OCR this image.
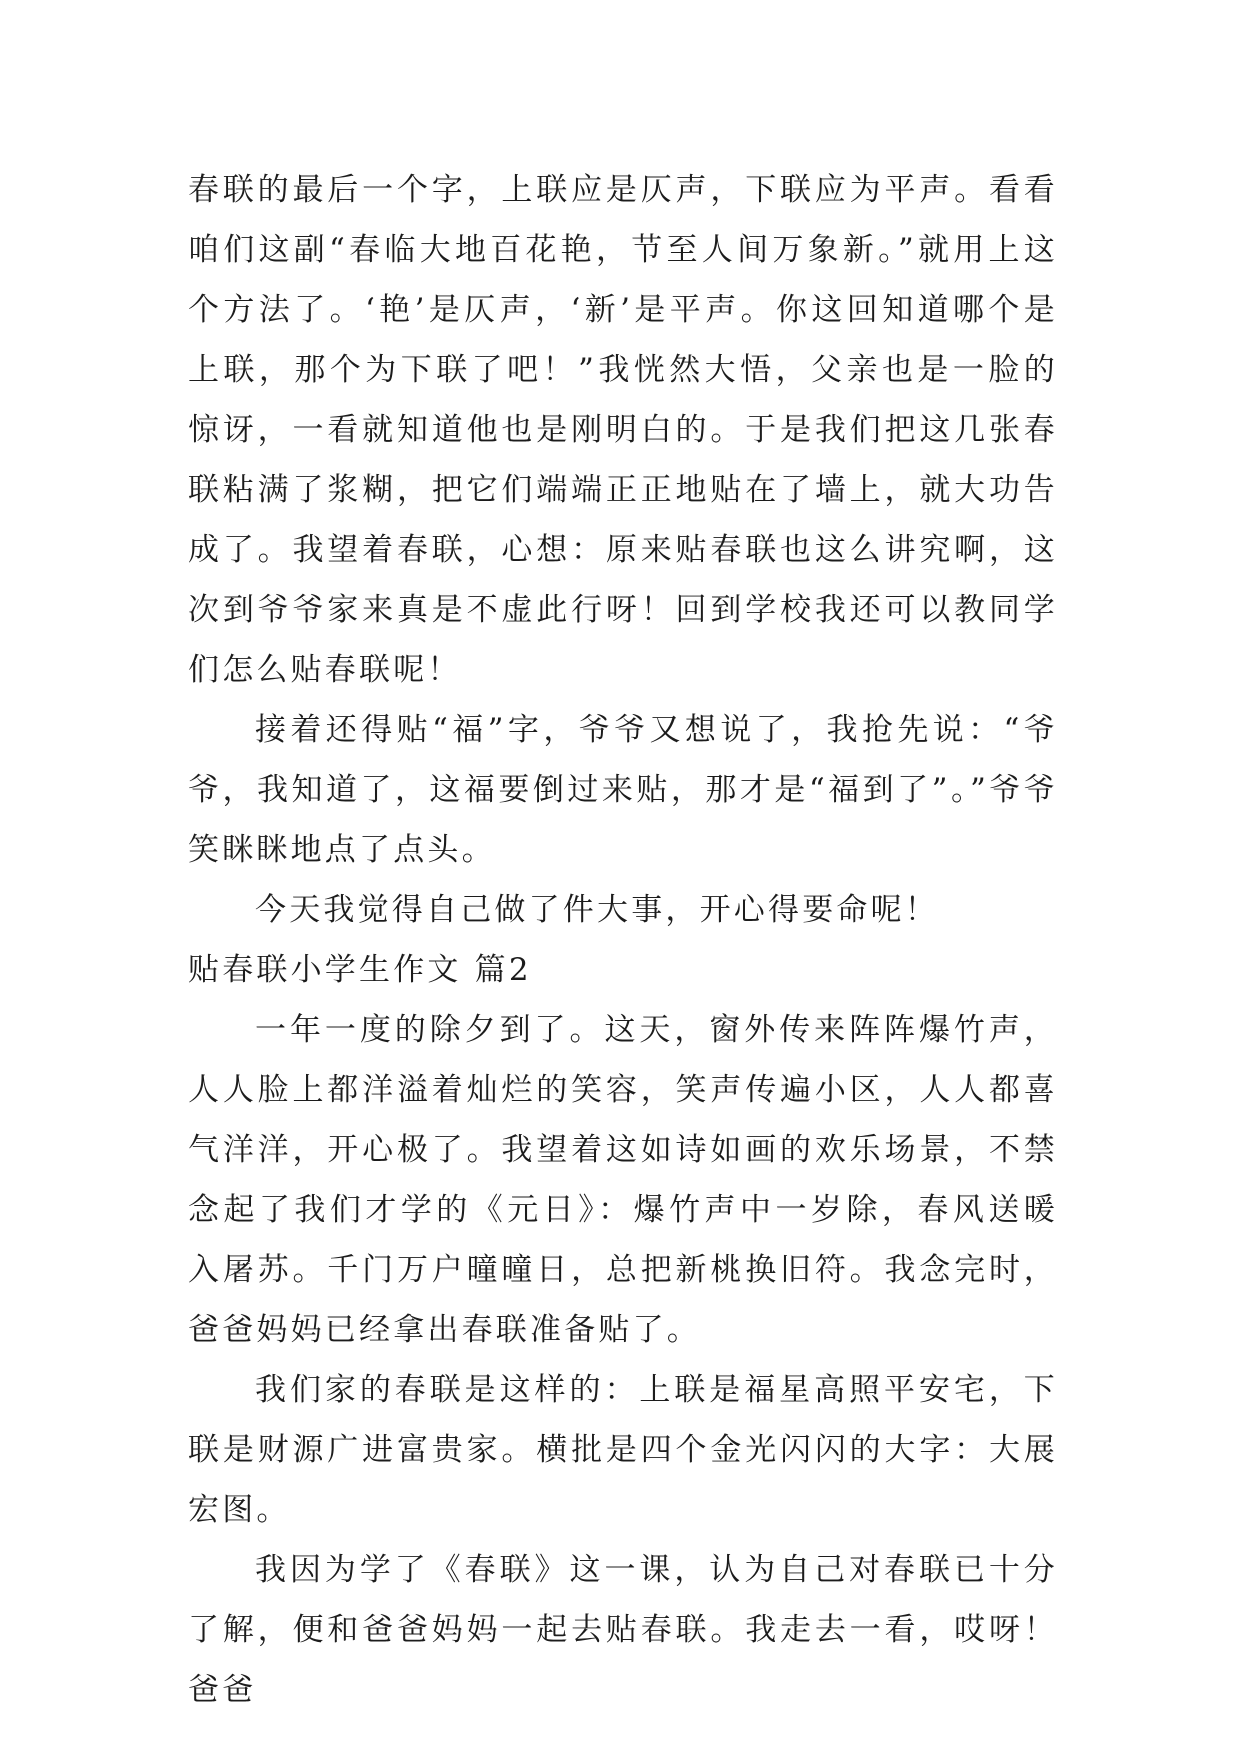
春联的最后一个字，上联应是仄声，下联应为平声。看看咱们这副“春临大地百花艳，节至人间万象新。”就用上这个方法了。‘艳’是仄声，‘新’是平声。你这回知道哪个是上联，那个为下联了吧！”我恍然大悟，父亲也是一脸的惊讶，一看就知道他也是刚明白的。于是我们把这几张春联粘满了浆糊，把它们端端正正地贴在了墙上，就大功告成了。我望着春联，心想：原来贴春联也这么讲究啊，这次到爷爷家来真是不虚此行呀！回到学校我还可以教同学们怎么贴春联呢！

接着还得贴“福”字，爷爷又想说了，我抢先说：“爷爷，我知道了，这福要倒过来贴，那才是“福到了”。”爷爷笑眯眯地点了点头。

今天我觉得自己做了件大事，开心得要命呢！

贴春联小学生作文 篇2

一年一度的除夕到了。这天，窗外传来阵阵爆竹声，人人脸上都洋溢着灿烂的笑容，笑声传遍小区，人人都喜气洋洋，开心极了。我望着这如诗如画的欢乐场景，不禁念起了我们才学的《元日》：爆竹声中一岁除，春风送暖入屠苏。千门万户曈曈日，总把新桃换旧符。我念完时，爸爸妈妈已经拿出春联准备贴了。

我们家的春联是这样的：上联是福星高照平安宅，下联是财源广进富贵家。横批是四个金光闪闪的大字：大展宏图。

我因为学了《春联》这一课，认为自己对春联已十分了解，便和爸爸妈妈一起去贴春联。我走去一看，哎呀！爸爸
